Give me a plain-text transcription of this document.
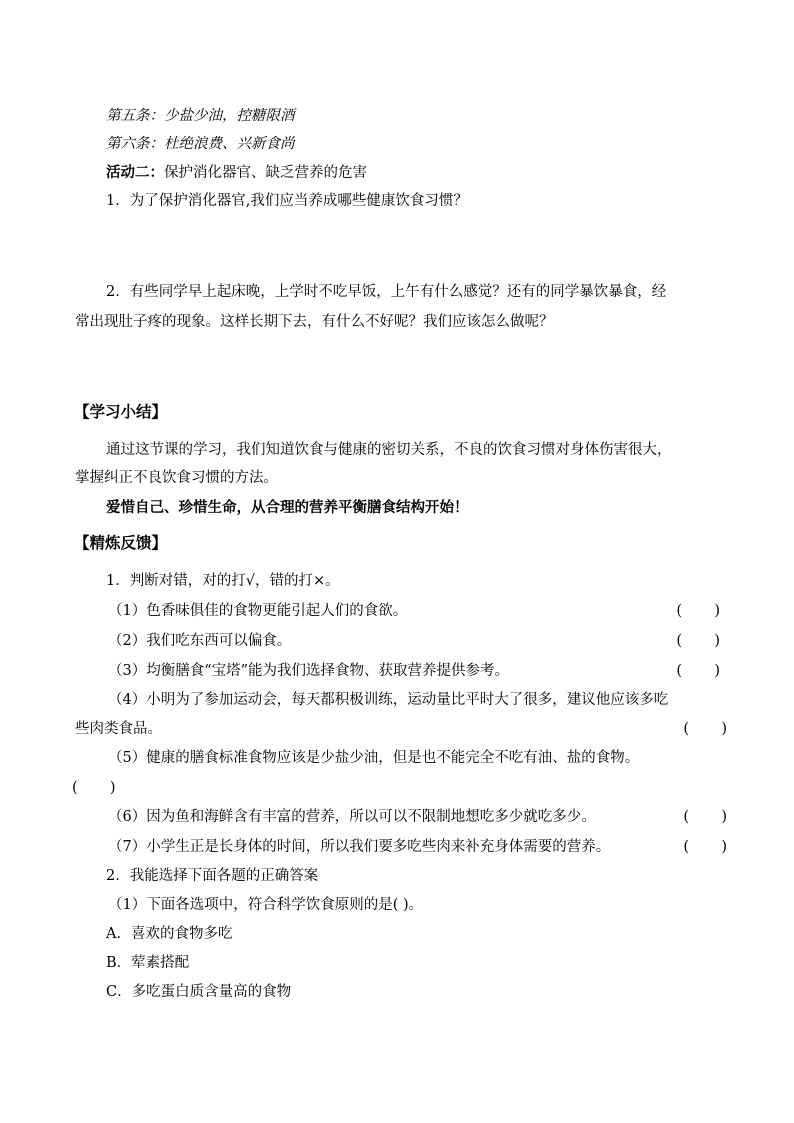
第五条：少盐少油，控糖限酒
第六条：杜绝浪费、兴新食尚
活动二：保护消化器官、缺乏营养的危害
1．为了保护消化器官,我们应当养成哪些健康饮食习惯？
2．有些同学早上起床晚，上学时不吃早饭，上午有什么感觉？还有的同学暴饮暴食，经
常出现肚子疼的现象。这样长期下去，有什么不好呢？我们应该怎么做呢？
【学习小结】
通过这节课的学习，我们知道饮食与健康的密切关系，不良的饮食习惯对身体伤害很大，
掌握纠正不良饮食习惯的方法。
爱惜自己、珍惜生命，从合理的营养平衡膳食结构开始！
【精炼反馈】
1．判断对错，对的打√，错的打×。
（1）色香味俱佳的食物更能引起人们的食欲。	(       )
（2）我们吃东西可以偏食。	(       )
（3）均衡膳食“宝塔”能为我们选择食物、获取营养提供参考。	(       )
（4）小明为了参加运动会，每天都积极训练，运动量比平时大了很多，建议他应该多吃
些肉类食品。	(       )
（5）健康的膳食标准食物应该是少盐少油，但是也不能完全不吃有油、盐的食物。
(       )
（6）因为鱼和海鲜含有丰富的营养，所以可以不限制地想吃多少就吃多少。	(       )
（7）小学生正是长身体的时间，所以我们要多吃些肉来补充身体需要的营养。	(       )
2．我能选择下面各题的正确答案
（1）下面各选项中，符合科学饮食原则的是( )。
A．喜欢的食物多吃
B．荤素搭配
C．多吃蛋白质含量高的食物
